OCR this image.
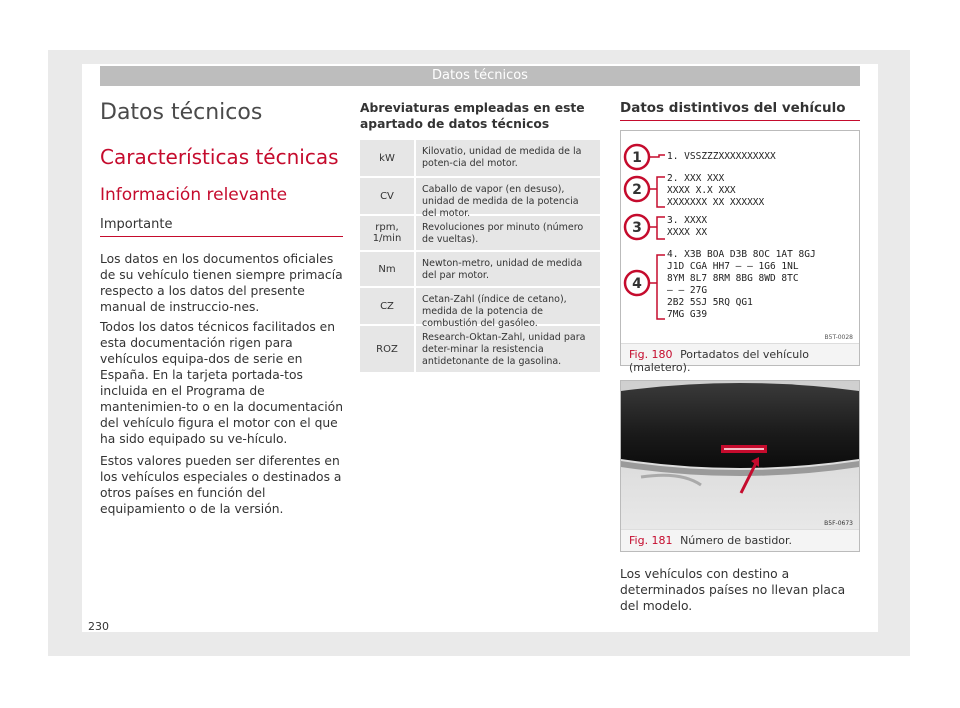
Datos técnicos
Datos técnicos
Características técnicas
Información relevante
Importante

Los datos en los documentos oficiales de su vehículo tienen siempre primacía respecto a los datos del presente manual de instruccio-nes.

Todos los datos técnicos facilitados en esta documentación rigen para vehículos equipa-dos de serie en España. En la tarjeta portada-tos incluida en el Programa de mantenimien-to o en la documentación del vehículo figura el motor con el que ha sido equipado su ve-hículo.

Estos valores pueden ser diferentes en los vehículos especiales o destinados a otros países en función del equipamiento o de la versión.

Abreviaturas empleadas en este apartado de datos técnicos
kW
Kilovatio, unidad de medida de la poten-cia del motor.
CV
Caballo de vapor (en desuso), unidad de medida de la potencia del motor.
rpm, 1/min
Revoluciones por minuto (número de vueltas).
Nm	Newton-metro, unidad de medida del par motor.
CZ
Cetan-Zahl (índice de cetano), medida de la potencia de combustión del gasóleo.
ROZ
Research-Oktan-Zahl, unidad para deter-minar la resistencia antidetonante de la gasolina.
Datos distintivos del vehículo
1
2
3
4
1. VSSZZZXXXXXXXXXX
2. XXX XXX
XXXX X.X XXX
XXXXXXX XX XXXXXX
3. XXXX
XXXX XX
4. X3B BOA D3B 8OC 1AT 8GJ
J1D CGA HH7 – – 1G6 1NL
8YM 8L7 8RM 8BG 8WD 8TC
– – 27G
2B2 5SJ 5RQ QG1
7MG G39
B5T-0028
Fig. 180 Portadatos del vehículo (maletero).
B5F-0673
Fig. 181 Número de bastidor.

Los vehículos con destino a determinados países no llevan placa del modelo.

230
